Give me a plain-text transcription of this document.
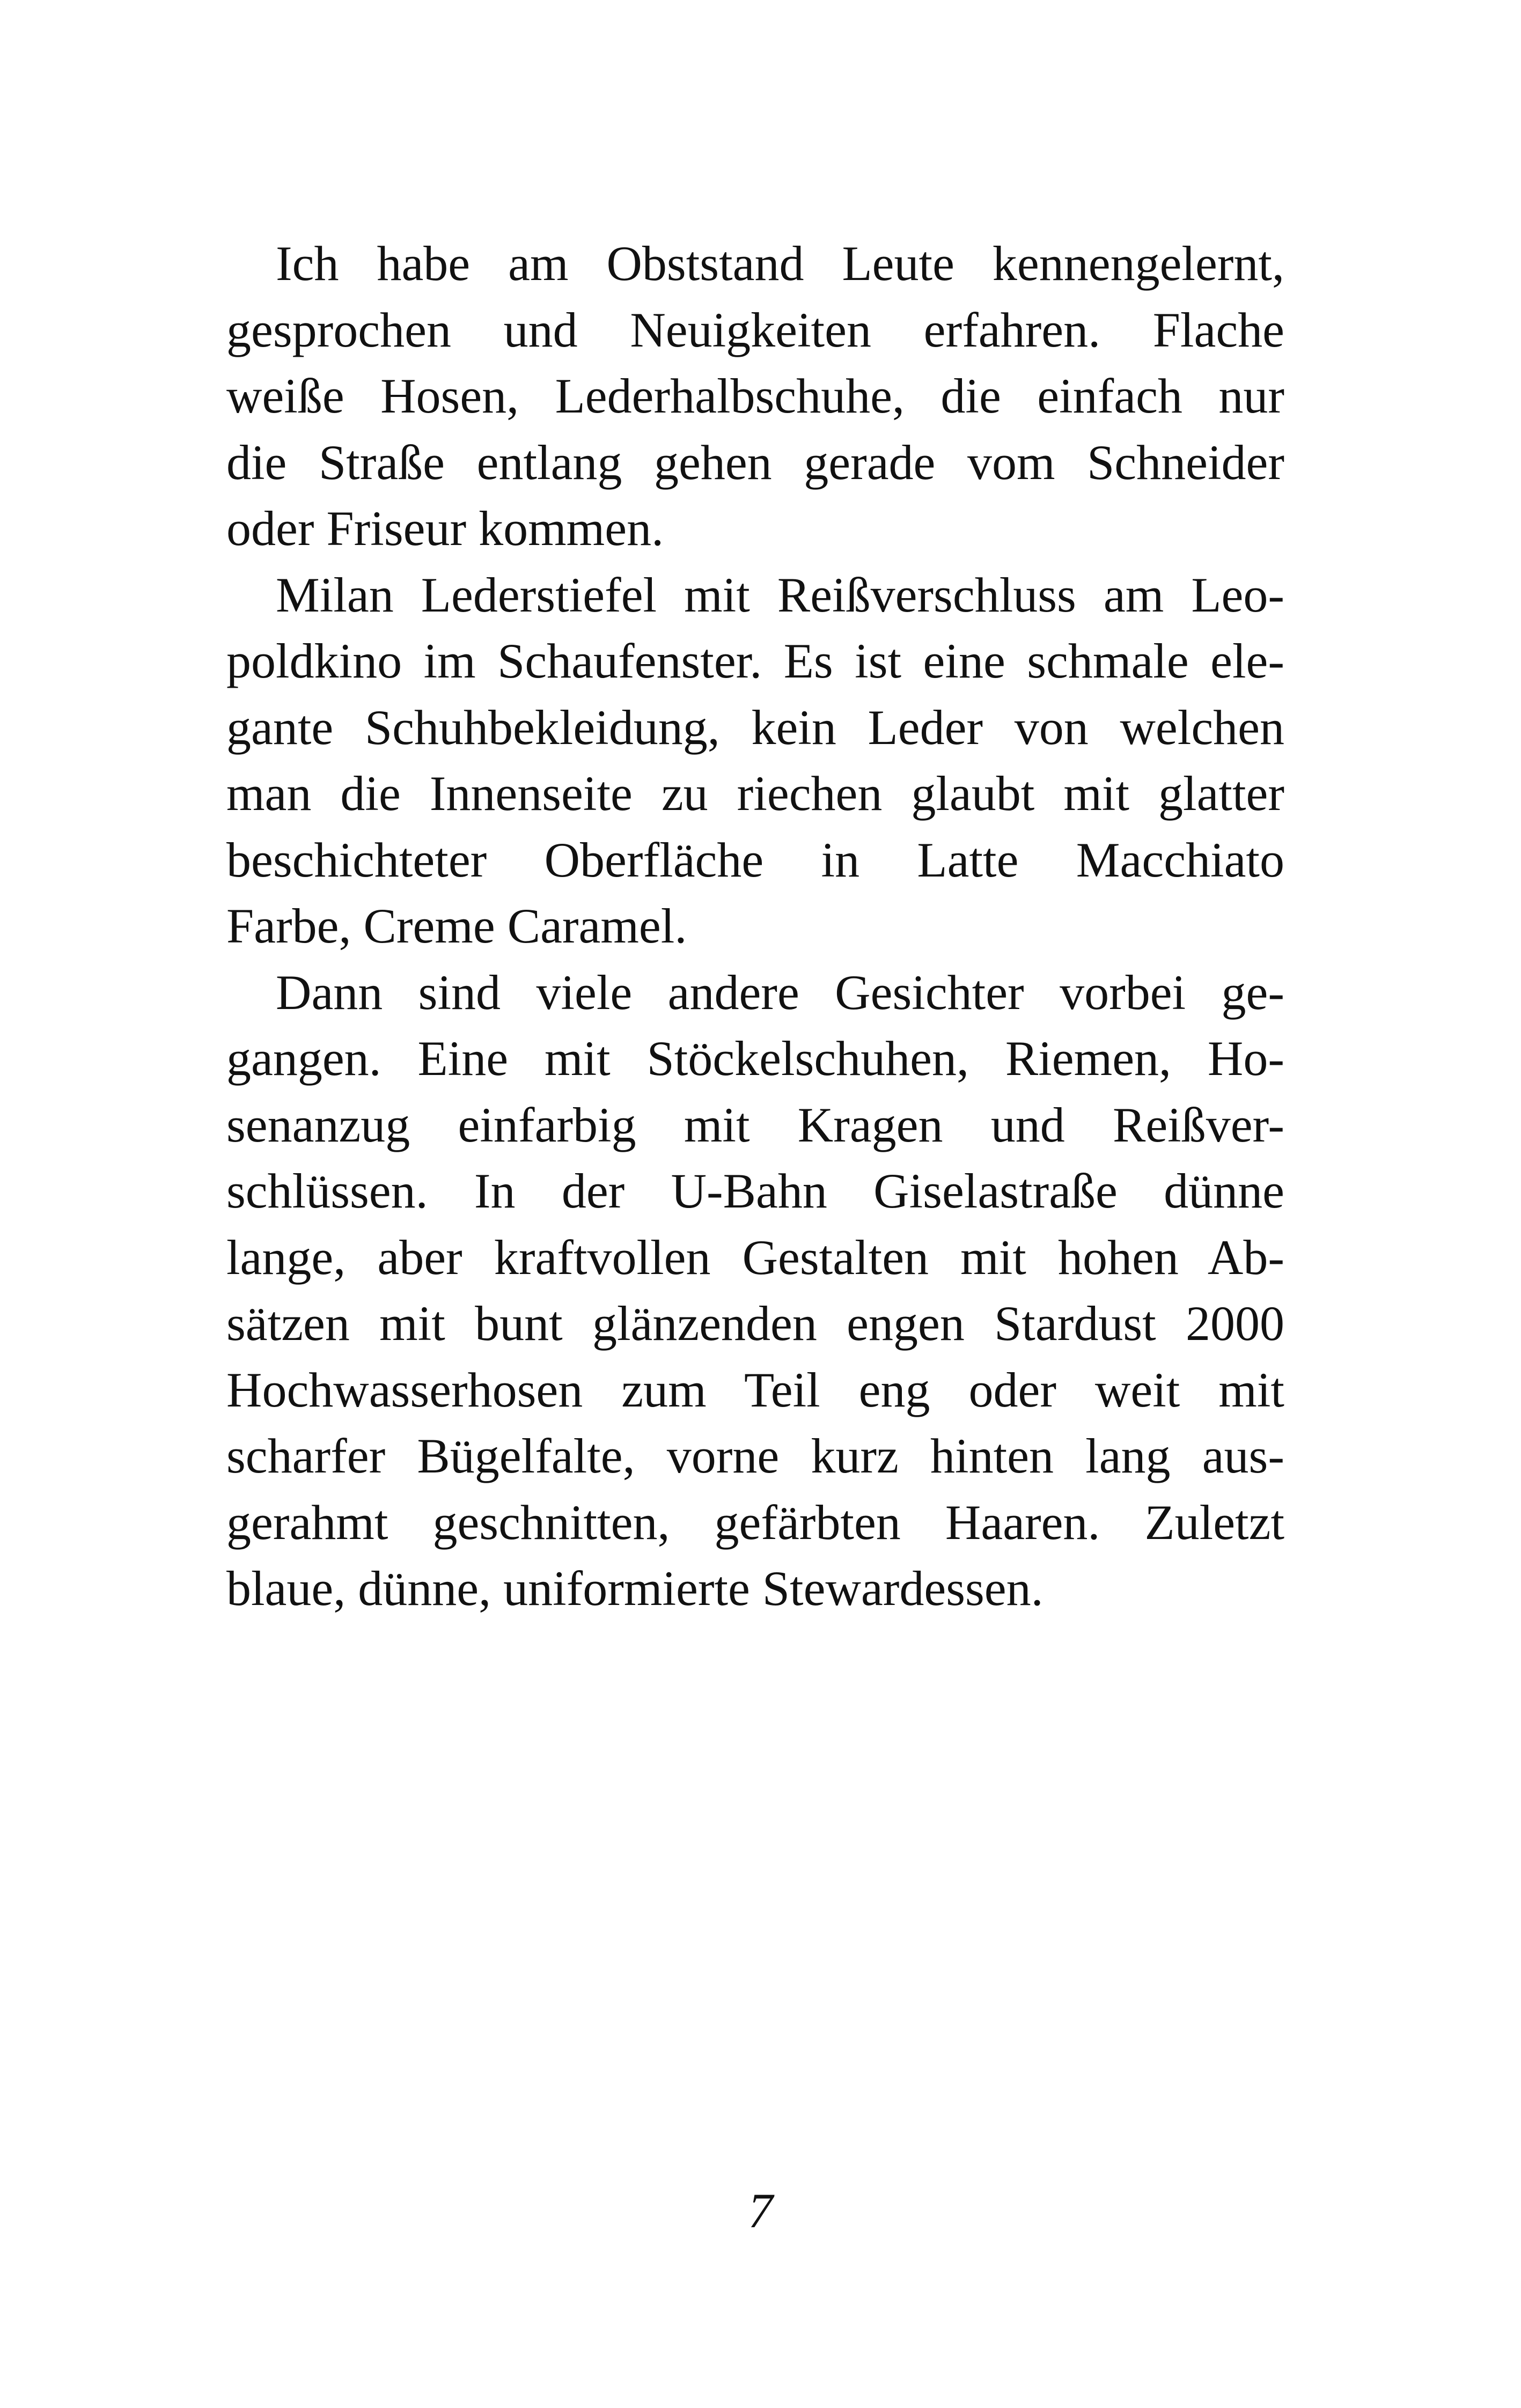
Ich habe am Obststand Leute kennengelernt,
gesprochen und Neuigkeiten erfahren. Flache
weiße Hosen, Lederhalbschuhe, die einfach nur
die Straße entlang gehen gerade vom Schneider
oder Friseur kommen.
Milan Lederstiefel mit Reißverschluss am Leo-
poldkino im Schaufenster. Es ist eine schmale ele-
gante Schuhbekleidung, kein Leder von welchen
man die Innenseite zu riechen glaubt mit glatter
beschichteter Oberfläche in Latte Macchiato
Farbe, Creme Caramel.
Dann sind viele andere Gesichter vorbei ge-
gangen. Eine mit Stöckelschuhen, Riemen, Ho-
senanzug einfarbig mit Kragen und Reißver-
schlüssen. In der U-Bahn Giselastraße dünne
lange, aber kraftvollen Gestalten mit hohen Ab-
sätzen mit bunt glänzenden engen Stardust 2000
Hochwasserhosen zum Teil eng oder weit mit
scharfer Bügelfalte, vorne kurz hinten lang aus-
gerahmt geschnitten, gefärbten Haaren. Zuletzt
blaue, dünne, uniformierte Stewardessen.
7
